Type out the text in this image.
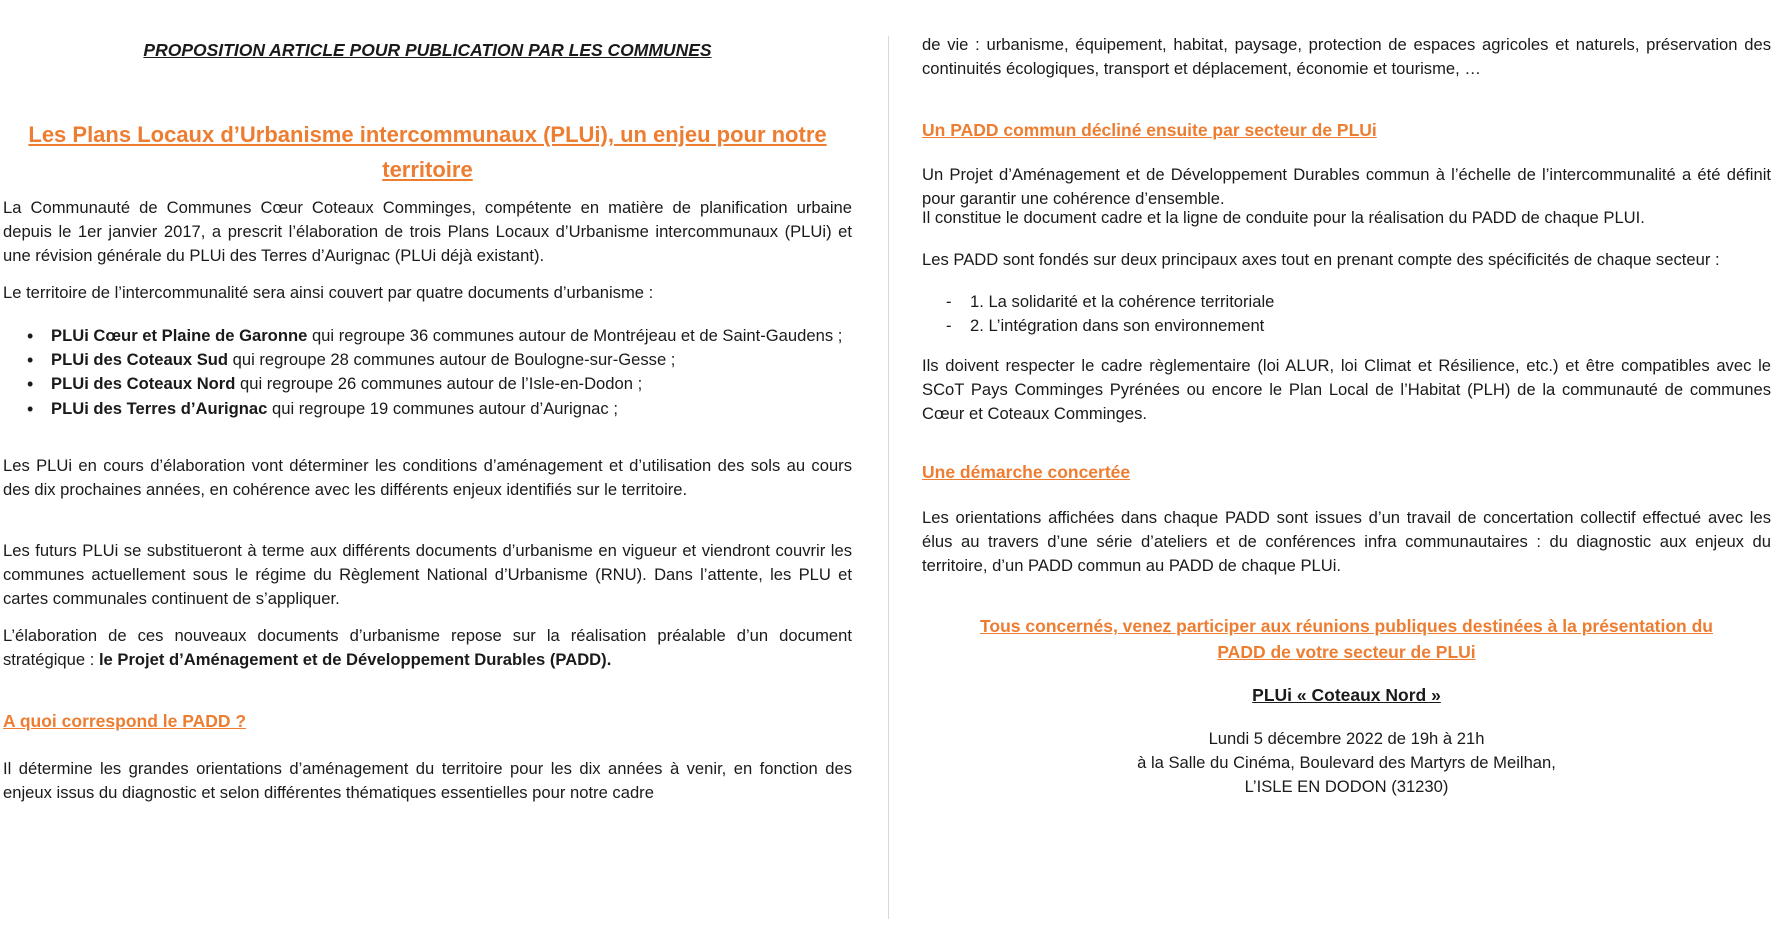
PROPOSITION ARTICLE POUR PUBLICATION PAR LES COMMUNES
Les Plans Locaux d’Urbanisme intercommunaux (PLUi), un enjeu pour notre
territoire

La Communauté de Communes Cœur Coteaux Comminges, compétente en matière de planification urbaine depuis le 1er janvier 2017, a prescrit l’élaboration de trois Plans Locaux d’Urbanisme intercommunaux (PLUi) et une révision générale du PLUi des Terres d’Aurignac (PLUi déjà existant).

Le territoire de l’intercommunalité sera ainsi couvert par quatre documents d’urbanisme :

• PLUi Cœur et Plaine de Garonne qui regroupe 36 communes autour de Montréjeau et de Saint-Gaudens ;
• PLUi des Coteaux Sud qui regroupe 28 communes autour de Boulogne-sur-Gesse ;
• PLUi des Coteaux Nord qui regroupe 26 communes autour de l’Isle-en-Dodon ;
• PLUi des Terres d’Aurignac qui regroupe 19 communes autour d’Aurignac ;

Les PLUi en cours d’élaboration vont déterminer les conditions d’aménagement et d’utilisation des sols au cours des dix prochaines années, en cohérence avec les différents enjeux identifiés sur le territoire.

Les futurs PLUi se substitueront à terme aux différents documents d’urbanisme en vigueur et viendront couvrir les communes actuellement sous le régime du Règlement National d’Urbanisme (RNU). Dans l’attente, les PLU et cartes communales continuent de s’appliquer.

L’élaboration de ces nouveaux documents d’urbanisme repose sur la réalisation préalable d’un document stratégique : le Projet d’Aménagement et de Développement Durables (PADD).

A quoi correspond le PADD ?

Il détermine les grandes orientations d’aménagement du territoire pour les dix années à venir, en fonction des enjeux issus du diagnostic et selon différentes thématiques essentielles pour notre cadre

de vie : urbanisme, équipement, habitat, paysage, protection de espaces agricoles et naturels, préservation des continuités écologiques, transport et déplacement, économie et tourisme, …

Un PADD commun décliné ensuite par secteur de PLUi

Un Projet d’Aménagement et de Développement Durables commun à l’échelle de l’intercommunalité a été définit pour garantir une cohérence d’ensemble.

Il constitue le document cadre et la ligne de conduite pour la réalisation du PADD de chaque PLUI.

Les PADD sont fondés sur deux principaux axes tout en prenant compte des spécificités de chaque secteur :

- 1. La solidarité et la cohérence territoriale
- 2. L’intégration dans son environnement

Ils doivent respecter le cadre règlementaire (loi ALUR, loi Climat et Résilience, etc.) et être compatibles avec le SCoT Pays Comminges Pyrénées ou encore le Plan Local de l’Habitat (PLH) de la communauté de communes Cœur et Coteaux Comminges.

Une démarche concertée

Les orientations affichées dans chaque PADD sont issues d’un travail de concertation collectif effectué avec les élus au travers d’une série d’ateliers et de conférences infra communautaires : du diagnostic aux enjeux du territoire, d’un PADD commun au PADD de chaque PLUi.

Tous concernés, venez participer aux réunions publiques destinées à la présentation du
PADD de votre secteur de PLUi
PLUi « Coteaux Nord »
Lundi 5 décembre 2022 de 19h à 21h
à la Salle du Cinéma, Boulevard des Martyrs de Meilhan,
L’ISLE EN DODON (31230)
